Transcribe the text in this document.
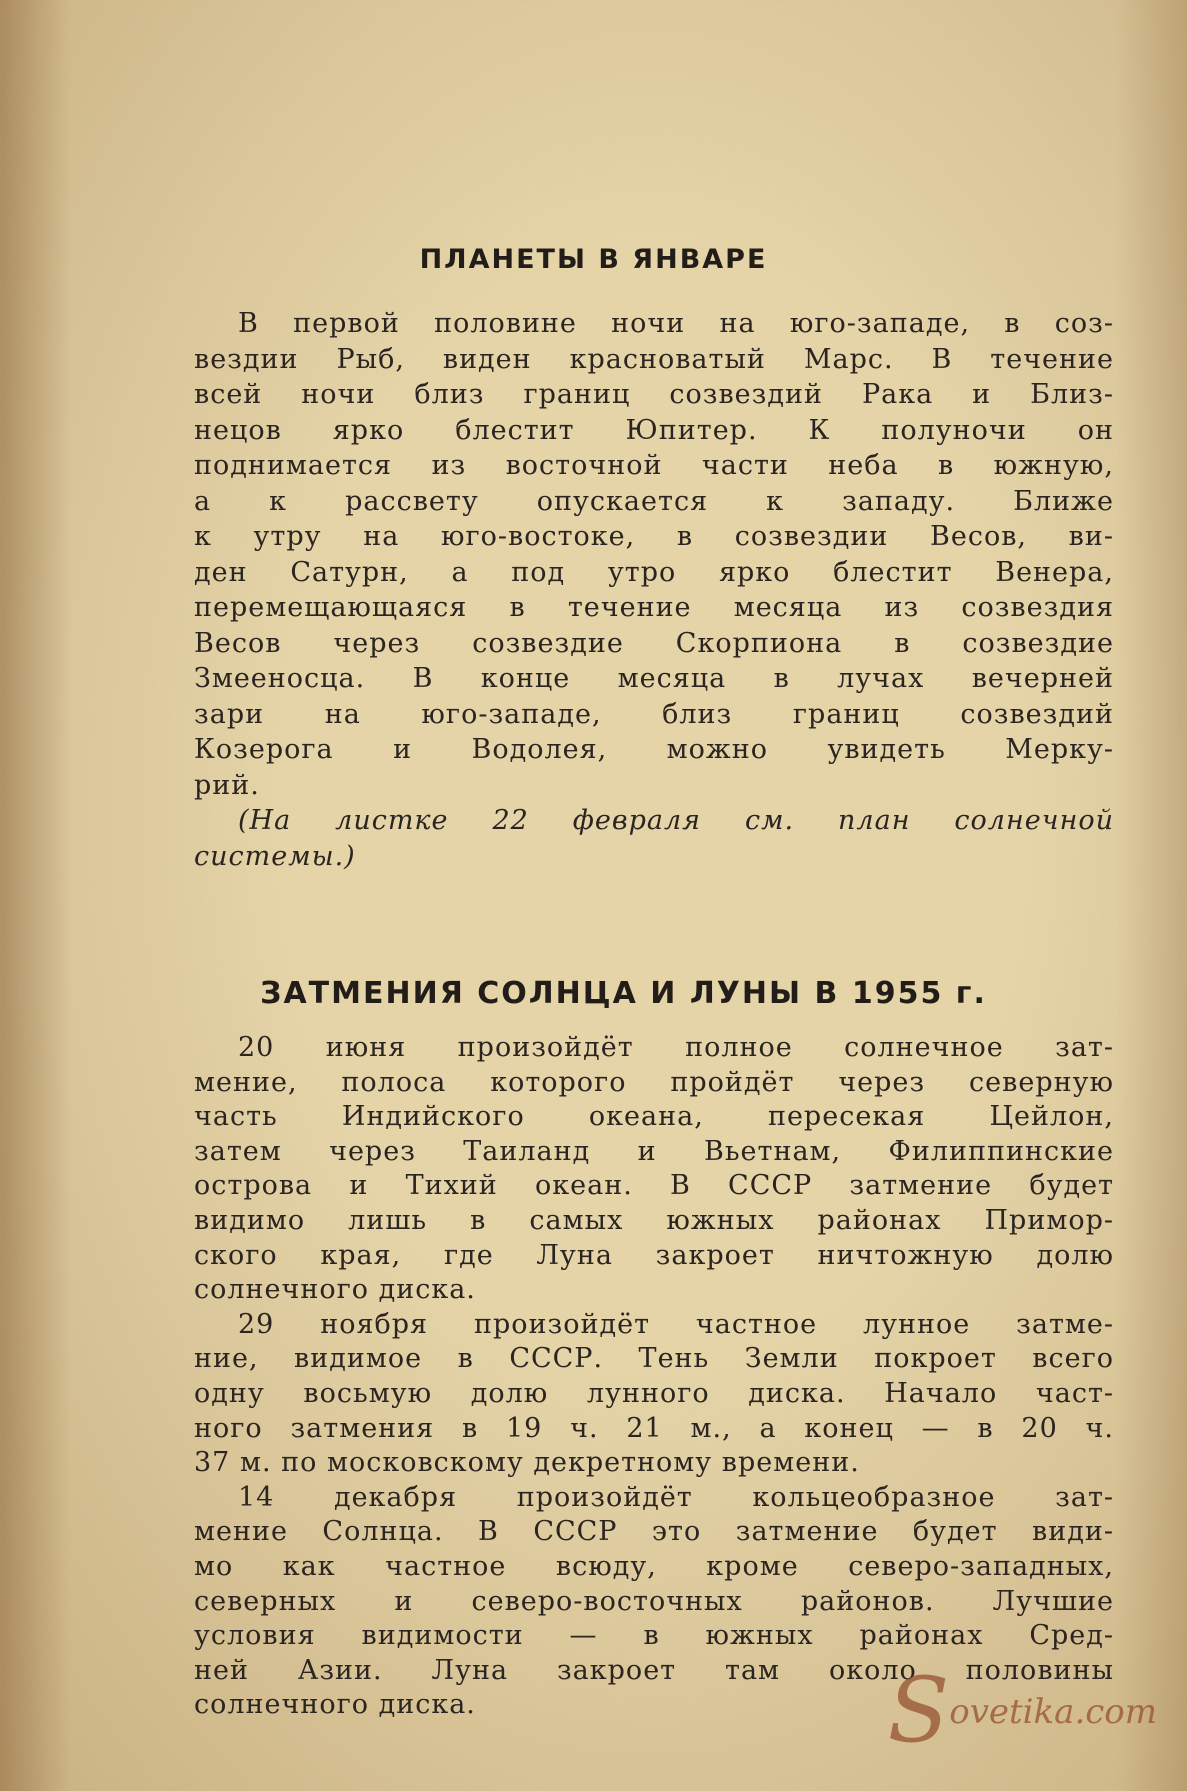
ПЛАНЕТЫ В ЯНВАРЕ
В первой половине ночи на юго-западе, в соз-
вездии Рыб, виден красноватый Марс. В течение
всей ночи близ границ созвездий Рака и Близ-
нецов ярко блестит Юпитер. К полуночи он
поднимается из восточной части неба в южную,
а к рассвету опускается к западу. Ближе
к утру на юго-востоке, в созвездии Весов, ви-
ден Сатурн, а под утро ярко блестит Венера,
перемещающаяся в течение месяца из созвездия
Весов через созвездие Скорпиона в созвездие
Змееносца. В конце месяца в лучах вечерней
зари на юго-западе, близ границ созвездий
Козерога и Водолея, можно увидеть Мерку-
рий.
(На листке 22 февраля см. план солнечной
системы.)
ЗАТМЕНИЯ СОЛНЦА И ЛУНЫ В 1955 г.
20 июня произойдёт полное солнечное зат-
мение, полоса которого пройдёт через северную
часть Индийского океана, пересекая Цейлон,
затем через Таиланд и Вьетнам, Филиппинские
острова и Тихий океан. В СССР затмение будет
видимо лишь в самых южных районах Примор-
ского края, где Луна закроет ничтожную долю
солнечного диска.
29 ноября произойдёт частное лунное затме-
ние, видимое в СССР. Тень Земли покроет всего
одну восьмую долю лунного диска. Начало част-
ного затмения в 19 ч. 21 м., а конец — в 20 ч.
37 м. по московскому декретному времени.
14 декабря произойдёт кольцеобразное зат-
мение Солнца. В СССР это затмение будет види-
мо как частное всюду, кроме северо-западных,
северных и северо-восточных районов. Лучшие
условия видимости — в южных районах Сред-
ней Азии. Луна закроет там около половины
солнечного диска.	Sovetika.com
